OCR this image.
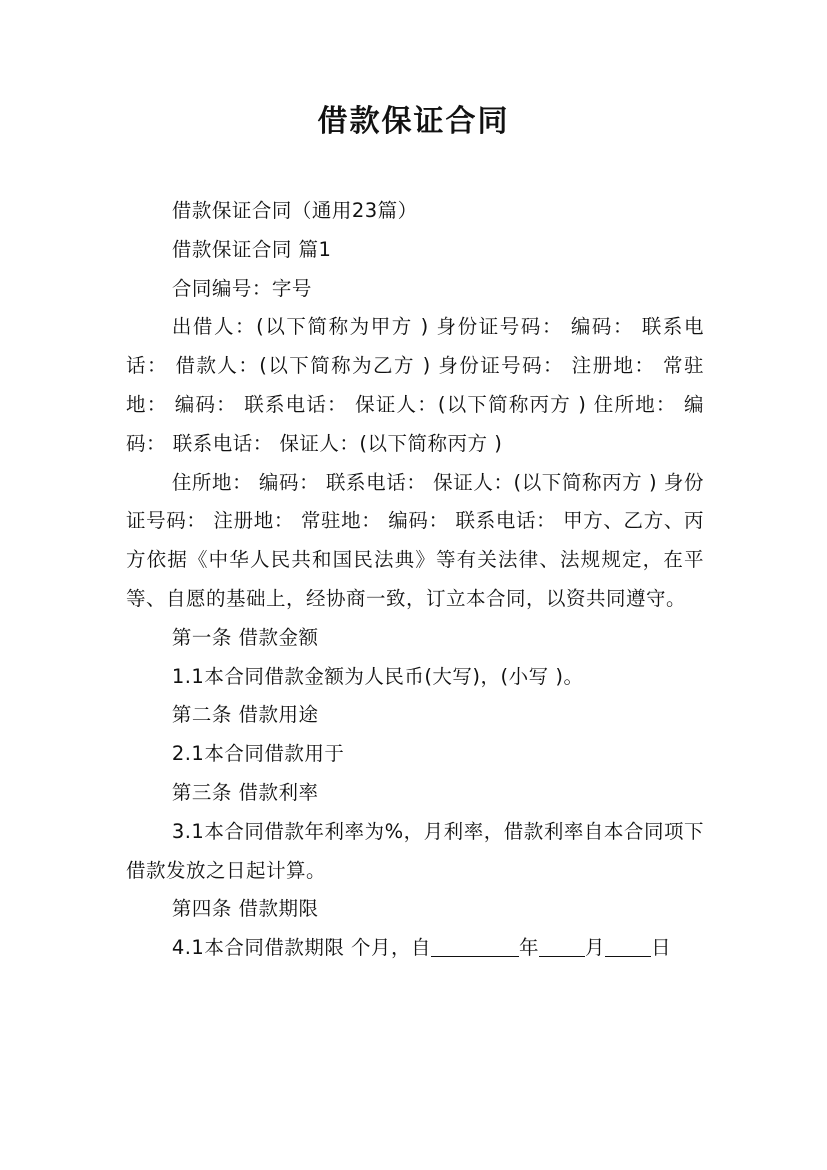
借款保证合同

借款保证合同（通用23篇）

借款保证合同 篇1

合同编号：字号

出借人：(以下简称为甲方 ) 身份证号码： 编码： 联系电话： 借款人：(以下简称为乙方 ) 身份证号码： 注册地： 常驻地： 编码： 联系电话： 保证人：(以下简称丙方 ) 住所地： 编码： 联系电话： 保证人：(以下简称丙方 )

住所地： 编码： 联系电话： 保证人：(以下简称丙方 ) 身份证号码： 注册地： 常驻地： 编码： 联系电话： 甲方、乙方、丙方依据《中华人民共和国民法典》等有关法律、法规规定，在平等、自愿的基础上，经协商一致，订立本合同，以资共同遵守。

第一条 借款金额

1.1本合同借款金额为人民币(大写)，(小写 )。

第二条 借款用途

2.1本合同借款用于

第三条 借款利率

3.1本合同借款年利率为%，月利率，借款利率自本合同项下借款发放之日起计算。

第四条 借款期限

4.1本合同借款期限 个月，自	年 月 日
